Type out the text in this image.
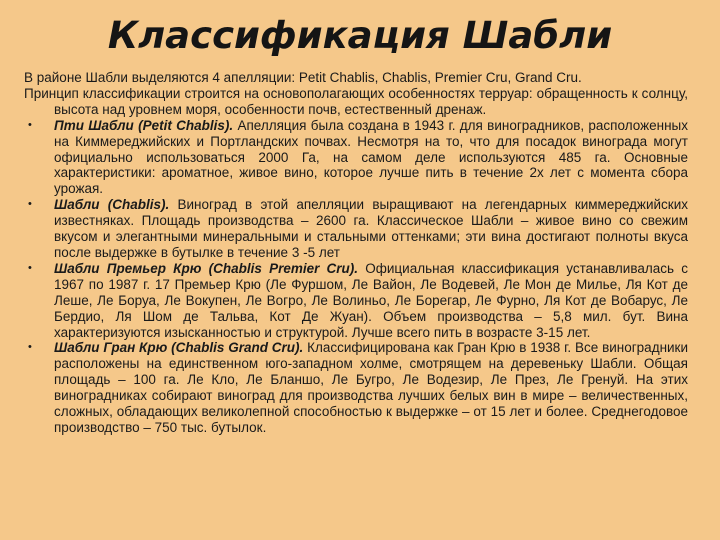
Классификация Шабли

В районе Шабли выделяются 4 апелляции: Petit Chablis, Chablis, Premier Cru, Grand Cru.

Принцип классификации строится на основополагающих особенностях терруар: обращенность к солнцу, высота над уровнем моря, особенности почв, естественный дренаж.

• Пти Шабли (Petit Chablis). Апелляция была создана в 1943 г. для виноградников, расположенных на Киммереджийских и Портландских почвах. Несмотря на то, что для посадок винограда могут официально использоваться 2000 Га, на самом деле используются 485 га. Основные характеристики: ароматное, живое вино, которое лучше пить в течение 2х лет с момента сбора урожая.

• Шабли (Chablis). Виноград в этой апелляции выращивают на легендарных киммереджийских известняках. Площадь производства – 2600 га. Классическое Шабли – живое вино со свежим вкусом и элегантными минеральными и стальными оттенками; эти вина достигают полноты вкуса после выдержке в бутылке в течение 3 -5 лет

• Шабли Премьер Крю (Chablis Premier Cru). Официальная классификация устанавливалась с 1967 по 1987 г. 17 Премьер Крю (Ле Фуршом, Ле Вайон, Ле Водевей, Ле Мон де Милье, Ля Кот де Леше, Ле Боруа, Ле Вокупен, Ле Вогро, Ле Волиньо, Ле Борегар, Ле Фурно, Ля Кот де Вобарус, Ле Бердио, Ля Шом де Тальва, Кот Де Жуан). Объем производства – 5,8 мил. бут. Вина характеризуются изысканностью и структурой. Лучше всего пить в возрасте 3-15 лет.

• Шабли Гран Крю (Chablis Grand Cru). Классифицирована как Гран Крю в 1938 г. Все виноградники расположены на единственном юго-западном холме, смотрящем на деревеньку Шабли. Общая площадь – 100 га. Ле Кло, Ле Бланшо, Ле Бугро, Ле Водезир, Ле През, Ле Гренуй. На этих виноградниках собирают виноград для производства лучших белых вин в мире – величественных, сложных, обладающих великолепной способностью к выдержке – от 15 лет и более. Среднегодовое производство – 750 тыс. бутылок.
